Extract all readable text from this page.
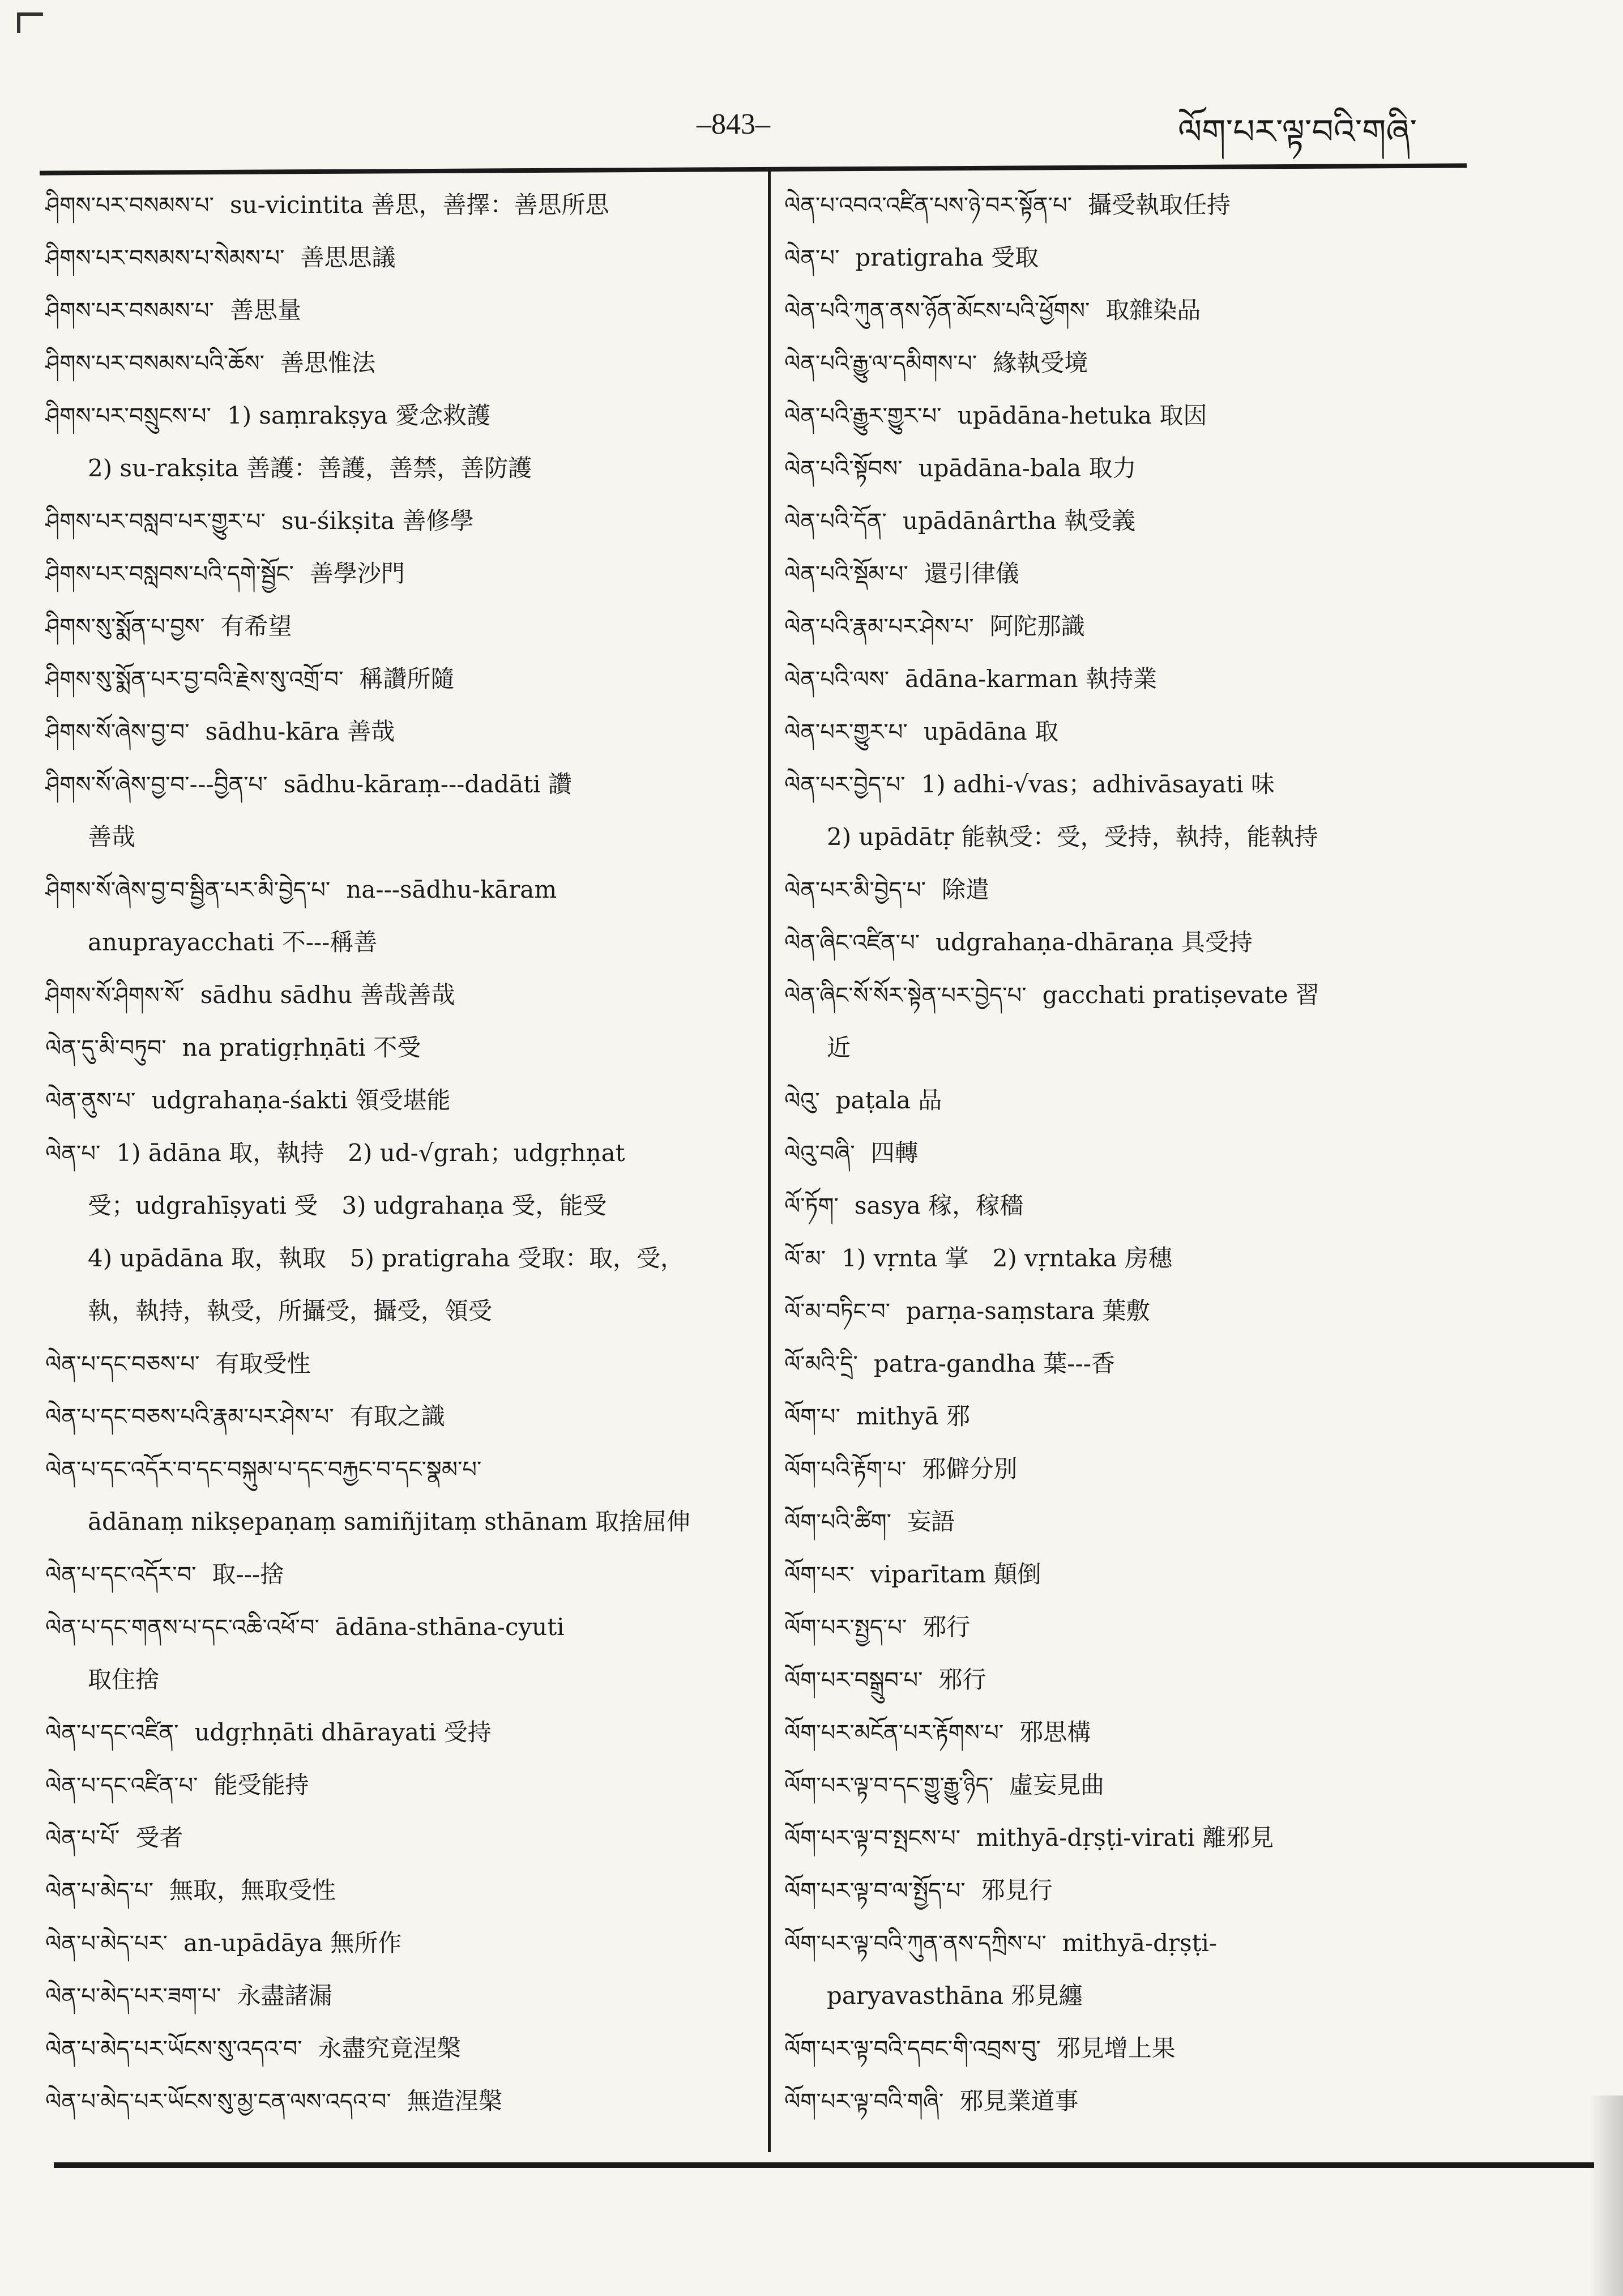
–843–	ལོག་པར་ལྟ་བའི་གཞི་
ཤིགས་པར་བསམས་པ་ su-vicintita 善思，善擇：善思所思
ཤིགས་པར་བསམས་པ་སེམས་པ་ 善思思議
ཤིགས་པར་བསམས་པ་ 善思量
ཤིགས་པར་བསམས་པའི་ཆོས་ 善思惟法
ཤིགས་པར་བསྲུངས་པ་ 1) saṃrakṣya 愛念救護
2) su-rakṣita 善護：善護，善禁，善防護
ཤིགས་པར་བསླབ་པར་གྱུར་པ་ su-śikṣita 善修學
ཤིགས་པར་བསླབས་པའི་དགེ་སྦྱོང་ 善學沙門
ཤིགས་སུ་སྨོན་པ་བྱས་ 有希望
ཤིགས་སུ་སྨོན་པར་བྱ་བའི་རྗེས་སུ་འགྲོ་བ་ 稱讚所隨
ཤིགས་སོ་ཞེས་བྱ་བ་ sādhu-kāra 善哉
ཤིགས་སོ་ཞེས་བྱ་བ་---བྱིན་པ་ sādhu-kāraṃ---dadāti 讚
善哉
ཤིགས་སོ་ཞེས་བྱ་བ་སྦྱིན་པར་མི་བྱེད་པ་ na---sādhu-kāram
anuprayacchati 不---稱善
ཤིགས་སོ་ཤིགས་སོ་ sādhu sādhu 善哉善哉
ལེན་དུ་མི་བཏུབ་ na pratigṛhṇāti 不受
ལེན་ནུས་པ་ udgrahaṇa-śakti 領受堪能
ལེན་པ་ 1) ādāna 取，執持　2) ud-√grah；udgṛhṇat
受；udgrahīṣyati 受　3) udgrahaṇa 受，能受
4) upādāna 取，執取　5) pratigraha 受取：取，受，
執，執持，執受，所攝受，攝受，領受
ལེན་པ་དང་བཅས་པ་ 有取受性
ལེན་པ་དང་བཅས་པའི་རྣམ་པར་ཤེས་པ་ 有取之識
ལེན་པ་དང་འདོར་བ་དང་བསྐུམ་པ་དང་བརྐྱང་བ་དང་སྣམ་པ་
ādānaṃ nikṣepaṇaṃ samiñjitaṃ sthānam 取捨屈伸
ལེན་པ་དང་འདོར་བ་ 取---捨
ལེན་པ་དང་གནས་པ་དང་འཆི་འཕོ་བ་ ādāna-sthāna-cyuti
取住捨
ལེན་པ་དང་འཛིན་ udgṛhṇāti dhārayati 受持
ལེན་པ་དང་འཛིན་པ་ 能受能持
ལེན་པ་པོ་ 受者
ལེན་པ་མེད་པ་ 無取，無取受性
ལེན་པ་མེད་པར་ an-upādāya 無所作
ལེན་པ་མེད་པར་ཟག་པ་ 永盡諸漏
ལེན་པ་མེད་པར་ཡོངས་སུ་འདའ་བ་ 永盡究竟涅槃
ལེན་པ་མེད་པར་ཡོངས་སུ་མྱ་ངན་ལས་འདའ་བ་ 無造涅槃
ལེན་པ་འབའ་འཛིན་པས་ཉེ་བར་སྟོན་པ་ 攝受執取任持
ལེན་པ་ pratigraha 受取
ལེན་པའི་ཀུན་ནས་ཉོན་མོངས་པའི་ཕྱོགས་ 取雜染品
ལེན་པའི་རྒྱུ་ལ་དམིགས་པ་ 緣執受境
ལེན་པའི་རྒྱུར་གྱུར་པ་ upādāna-hetuka 取因
ལེན་པའི་སྟོབས་ upādāna-bala 取力
ལེན་པའི་དོན་ upādānârtha 執受義
ལེན་པའི་སྡོམ་པ་ 還引律儀
ལེན་པའི་རྣམ་པར་ཤེས་པ་ 阿陀那識
ལེན་པའི་ལས་ ādāna-karman 執持業
ལེན་པར་གྱུར་པ་ upādāna 取
ལེན་པར་བྱེད་པ་ 1) adhi-√vas；adhivāsayati 味
2) upādātṛ 能執受：受，受持，執持，能執持
ལེན་པར་མི་བྱེད་པ་ 除遣
ལེན་ཞིང་འཛིན་པ་ udgrahaṇa-dhāraṇa 具受持
ལེན་ཞིང་སོ་སོར་སྟེན་པར་བྱེད་པ་ gacchati pratiṣevate 習
近
ལེའུ་ paṭala 品
ལེའུ་བཞི་ 四轉
ལོ་ཏོག་ sasya 稼，稼穡
ལོ་མ་ 1) vṛnta 掌　2) vṛntaka 房穗
ལོ་མ་བཏིང་བ་ parṇa-saṃstara 葉敷
ལོ་མའི་དྲི་ patra-gandha 葉---香
ལོག་པ་ mithyā 邪
ལོག་པའི་རྟོག་པ་ 邪僻分別
ལོག་པའི་ཚིག་ 妄語
ལོག་པར་ viparītam 顛倒
ལོག་པར་སྤྱད་པ་ 邪行
ལོག་པར་བསྒྲུབ་པ་ 邪行
ལོག་པར་མངོན་པར་རྟོགས་པ་ 邪思構
ལོག་པར་ལྟ་བ་དང་གྱུ་རྒྱུ་ཉིད་ 虛妄見曲
ལོག་པར་ལྟ་བ་སྤངས་པ་ mithyā-dṛṣṭi-virati 離邪見
ལོག་པར་ལྟ་བ་ལ་སྤྱོད་པ་ 邪見行
ལོག་པར་ལྟ་བའི་ཀུན་ནས་དཀྲིས་པ་ mithyā-dṛṣṭi-
paryavasthāna 邪見纏
ལོག་པར་ལྟ་བའི་དབང་གི་འབྲས་བུ་ 邪見增上果
ལོག་པར་ལྟ་བའི་གཞི་ 邪見業道事
